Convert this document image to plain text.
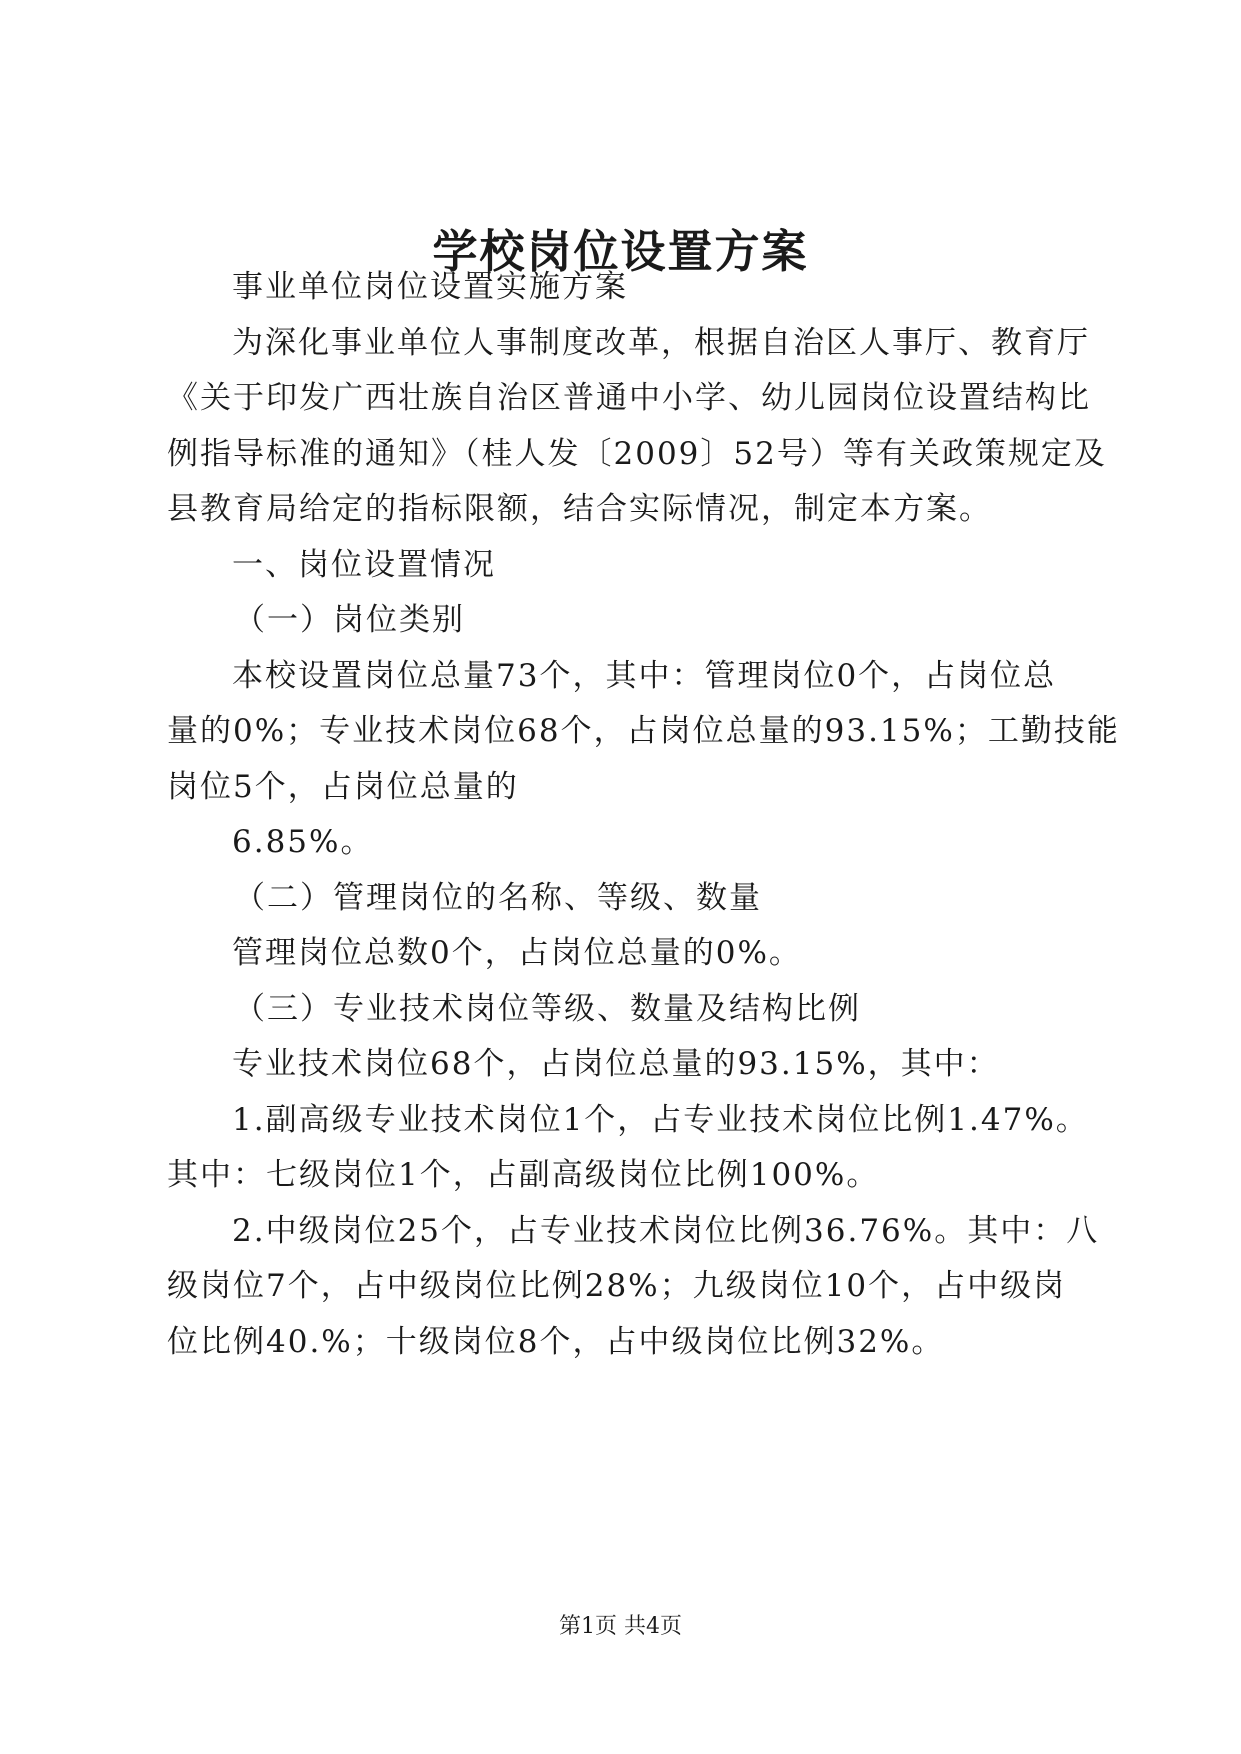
学校岗位设置方案
事业单位岗位设置实施方案
为深化事业单位人事制度改革，根据自治区人事厅、教育厅
《关于印发广西壮族自治区普通中小学、幼儿园岗位设置结构比
例指导标准的通知》（桂人发〔2009〕52号）等有关政策规定及
县教育局给定的指标限额，结合实际情况，制定本方案。
一、岗位设置情况
（一）岗位类别
本校设置岗位总量73个，其中：管理岗位0个，占岗位总
量的0%；专业技术岗位68个，占岗位总量的93.15%；工勤技能
岗位5个，占岗位总量的
6.85%。
（二）管理岗位的名称、等级、数量
管理岗位总数0个，占岗位总量的0%。
（三）专业技术岗位等级、数量及结构比例
专业技术岗位68个，占岗位总量的93.15%，其中：
1.副高级专业技术岗位1个，占专业技术岗位比例1.47%。
其中：七级岗位1个，占副高级岗位比例100%。
2.中级岗位25个，占专业技术岗位比例36.76%。其中：八
级岗位7个，占中级岗位比例28%；九级岗位10个，占中级岗
位比例40.%；十级岗位8个，占中级岗位比例32%。
第1页 共4页
